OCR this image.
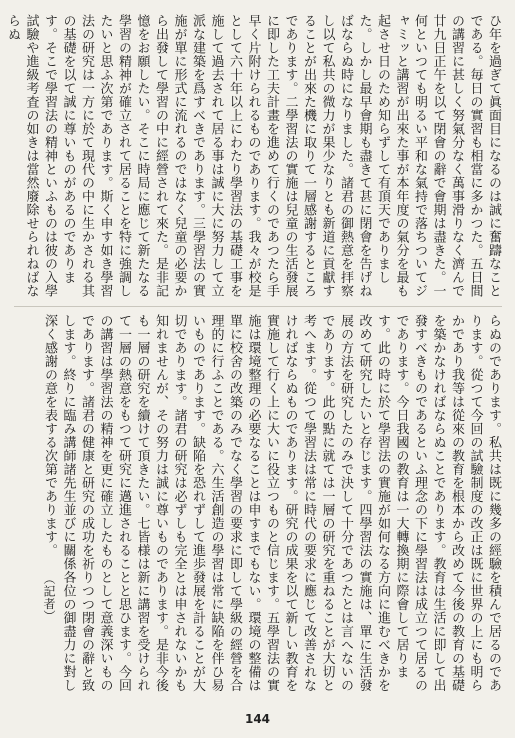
ひ年を過ぎて眞面目になるのは誠に奮躊なことである。毎日の實習も相當に多かつた。五日間の講習に甚しく努氣分なく萬事滑りなく濟んで廿九日正午を以て閉會の辭で會期は盡きた。一何といつても明るい平和な氣持で落ちついてジャミッと講習が出來た事が本年度の氣分を最も起させ日のため知らずして有頂天でありました。しかし最早會期も盡きて甚に閉會を告げねばならぬ時になりました。諸君の御熱意を拝察し以て私共の微力が果少なりとも新道に貢獻することが出來た機に取りて一層感謝するところであります。二學習法の實施は兒童の生活發展に即した工夫計畫を進めて行くのであつたら手早く片附けられるものであります。我々が校是として六十年以上にわたり學習法の基礎工事を施して過去されて居る事は誠に大に努力して立派な建築を爲すべきであります。三學習法の實施が單に形式に流れるのではなく兒童の必要から出發して學習の中に經營されて來た。是非記憶をお願したい。そこに時局に應じて新たなる學習の精神が確立されて居ることを特に強調したいと思ふ次第であります。斯く申す如き學習法の研究は一方に於て現代の中に生かされる其の基礎を以て誠に尊いものがあるのであります。そこで學習法の精神といふものは彼の入學試驗や進級考査の如きは當然廢除せられねばならぬ
らぬのであります。私共は既に幾多の經驗を積んで居るのであります。從つて今回の試驗制度の改正は既に世界の上にも明らかであり我等は從來の教育を根本から改めて今後の教育の基礎を築かなければならぬことであります。教育は生活に即して出發すべきものであるといふ理念の下に學習法は成立つて居るのであります。今日我國の教育は一大轉換期に際會して居ります。此の時に於て學習法の實施が如何なる方向に進むべきかを改めて研究したいと存じます。四學習法の實施は、單に生活發展の方法を研究したのみで決して十分であつたとは言へないのであります。此の點に就ては一層の研究を重ねることが大切と考へます。從つて學習法は常に時代の要求に應じて改善されなければならぬものであります。研究の成果を以て新しい教育を實施して行く上に大いに役立つものと信じます。五學習法の實施は環境整理の必要なることは申すまでもない。環境の整備は單に校舍の改築のみでなく學習の要求に即して學級の經營を合理的に行ふことである。六生活創造の學習は常に缺陥を伴ひ易いものであります。缺陥を恐れずして進歩發展を計ることが大切であります。諸君の研究は必ずしも完全とは申されないかも知れませんが、その努力は誠に尊いものであります。是非今後も一層の研究を續けて頂きたい。七皆様は新に講習を受けられて一層の熱意をもつて研究に邁進されることと思ひます。今回の講習は學習法の精神を更に確立したものとして意義深いものであります。諸君の健康と研究の成功を祈りつつ閉會の辭と致します。終りに臨み講師諸先生並びに關係各位の御盡力に對し深く感謝の意を表する次第であります。 （記者）
144
